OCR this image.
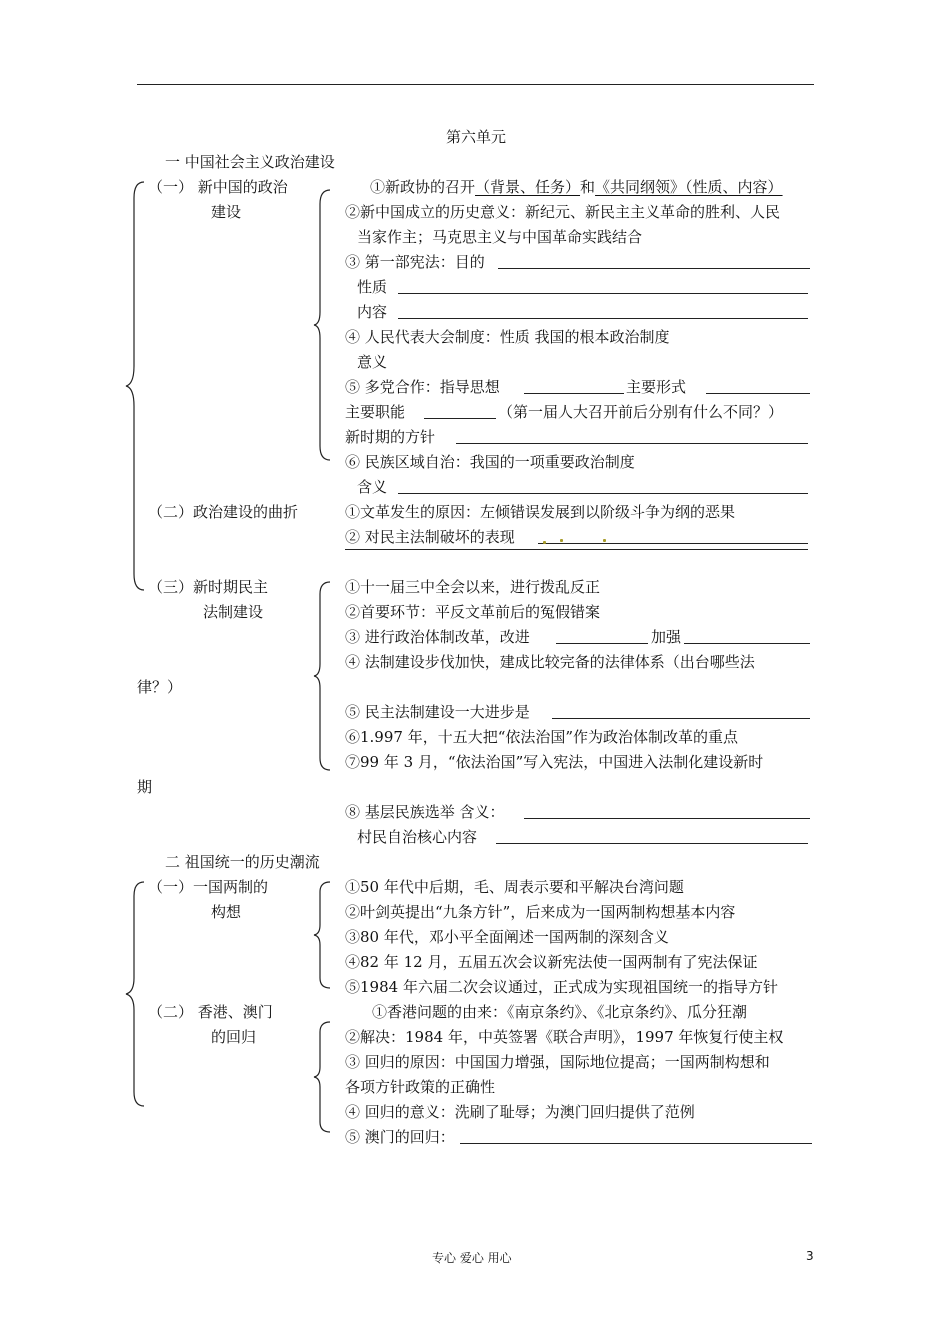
第六单元
一 中国社会主义政治建设
（一） 新中国的政治
建设
①新政协的召开（背景、任务）和《共同纲领》（性质、内容）
②新中国成立的历史意义：新纪元、新民主主义革命的胜利、人民
当家作主；马克思主义与中国革命实践结合
③ 第一部宪法：目的
性质
内容
④ 人民代表大会制度：性质 我国的根本政治制度
意义
⑤ 多党合作：指导思想	主要形式
主要职能	（第一届人大召开前后分别有什么不同？）
新时期的方针
⑥ 民族区域自治：我国的一项重要政治制度
含义
（二）政治建设的曲折	①文革发生的原因：左倾错误发展到以阶级斗争为纲的恶果
② 对民主法制破坏的表现
（三）新时期民主
法制建设
①十一届三中全会以来，进行拨乱反正
②首要环节：平反文革前后的冤假错案
③ 进行政治体制改革，改进	加强
④ 法制建设步伐加快，建成比较完备的法律体系（出台哪些法
律？）
⑤ 民主法制建设一大进步是
⑥1.997 年，十五大把“依法治国”作为政治体制改革的重点
⑦99 年 3 月，“依法治国”写入宪法，中国进入法制化建设新时
期
⑧ 基层民族选举 含义：
村民自治核心内容
二 祖国统一的历史潮流
（一）一国两制的
构想
①50 年代中后期，毛、周表示要和平解决台湾问题
②叶剑英提出“九条方针”，后来成为一国两制构想基本内容
③80 年代，邓小平全面阐述一国两制的深刻含义
④82 年 12 月，五届五次会议新宪法使一国两制有了宪法保证
⑤1984 年六届二次会议通过，正式成为实现祖国统一的指导方针
（二） 香港、澳门
的回归
①香港问题的由来：《南京条约》、《北京条约》、瓜分狂潮
②解决：1984 年，中英签署《联合声明》，1997 年恢复行使主权
③ 回归的原因：中国国力增强，国际地位提高；一国两制构想和
各项方针政策的正确性
④ 回归的意义：洗刷了耻辱；为澳门回归提供了范例
⑤ 澳门的回归：
专心 爱心 用心	3
